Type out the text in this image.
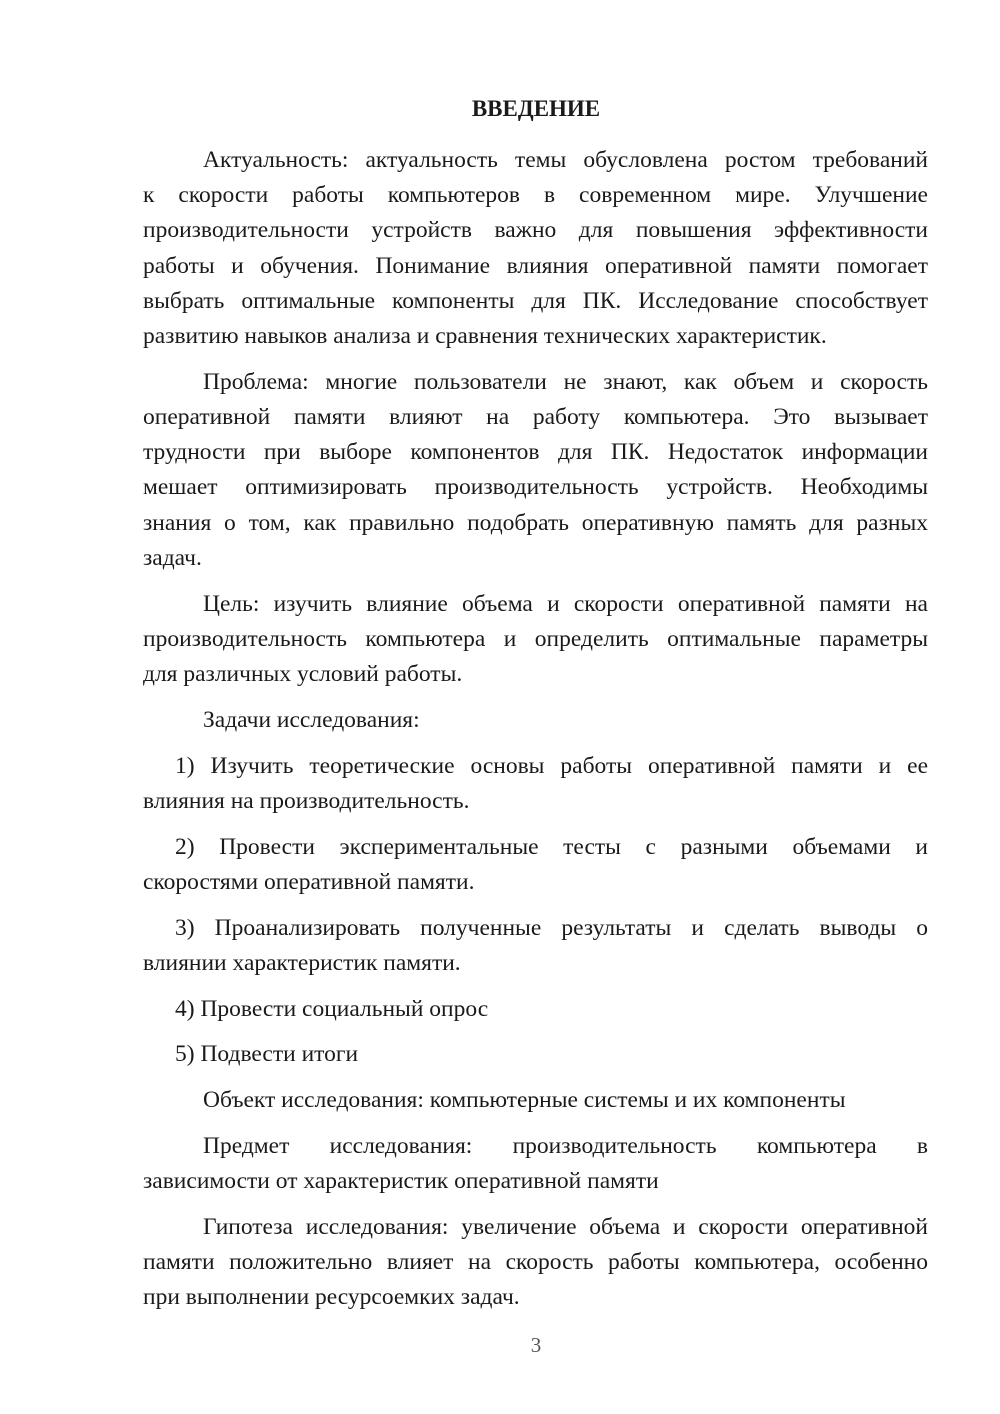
ВВЕДЕНИЕ
Актуальность: актуальность темы обусловлена ростом требований
к скорости работы компьютеров в современном мире. Улучшение
производительности устройств важно для повышения эффективности
работы и обучения. Понимание влияния оперативной памяти помогает
выбрать оптимальные компоненты для ПК. Исследование способствует
развитию навыков анализа и сравнения технических характеристик.
Проблема: многие пользователи не знают, как объем и скорость
оперативной памяти влияют на работу компьютера. Это вызывает
трудности при выборе компонентов для ПК. Недостаток информации
мешает оптимизировать производительность устройств. Необходимы
знания о том, как правильно подобрать оперативную память для разных
задач.
Цель: изучить влияние объема и скорости оперативной памяти на
производительность компьютера и определить оптимальные параметры
для различных условий работы.
Задачи исследования:
1) Изучить теоретические основы работы оперативной памяти и ее
влияния на производительность.
2) Провести экспериментальные тесты с разными объемами и
скоростями оперативной памяти.
3) Проанализировать полученные результаты и сделать выводы о
влиянии характеристик памяти.
4) Провести социальный опрос
5) Подвести итоги
Объект исследования: компьютерные системы и их компоненты
Предмет исследования: производительность компьютера в
зависимости от характеристик оперативной памяти
Гипотеза исследования: увеличение объема и скорости оперативной
памяти положительно влияет на скорость работы компьютера, особенно
при выполнении ресурсоемких задач.
3
